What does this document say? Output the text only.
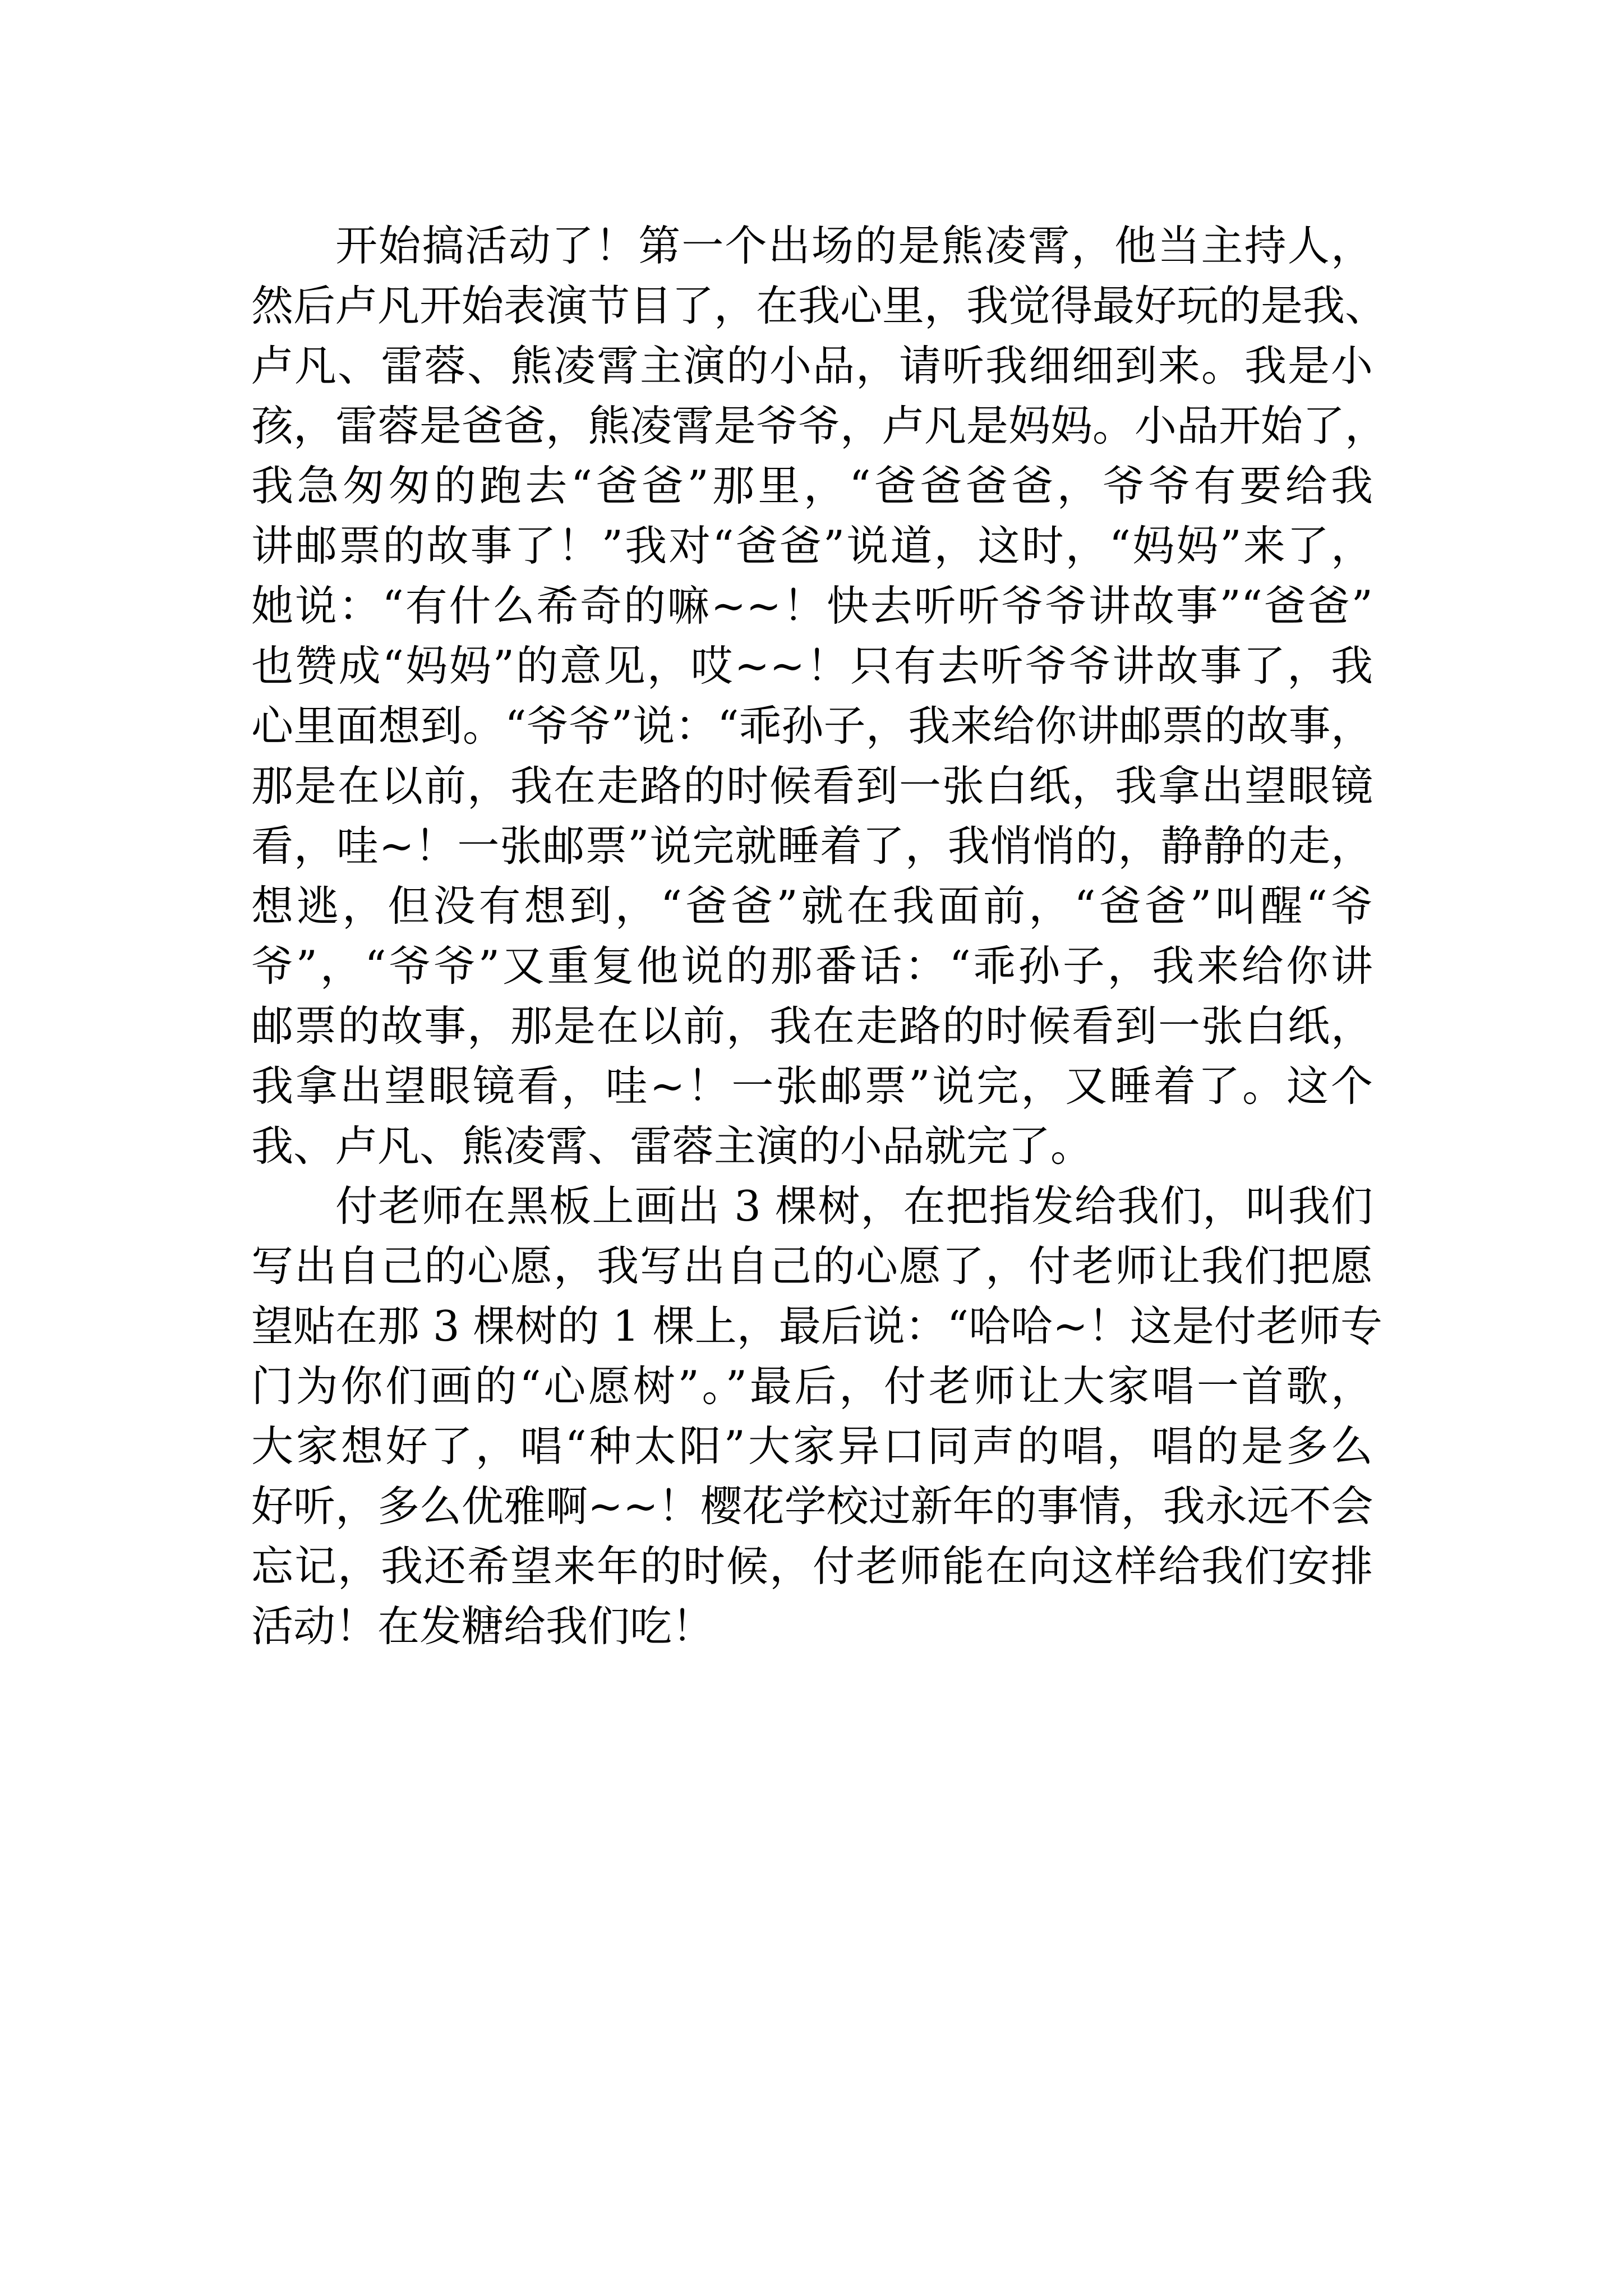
开始搞活动了！第一个出场的是熊凌霄，他当主持人，
然后卢凡开始表演节目了，在我心里，我觉得最好玩的是我、
卢凡、雷蓉、熊凌霄主演的小品，请听我细细到来。我是小
孩，雷蓉是爸爸，熊凌霄是爷爷，卢凡是妈妈。小品开始了，
我急匆匆的跑去“爸爸”那里，“爸爸爸爸，爷爷有要给我
讲邮票的故事了！”我对“爸爸”说道，这时，“妈妈”来了，
她说：“有什么希奇的嘛~~！快去听听爷爷讲故事”“爸爸”
也赞成“妈妈”的意见，哎~~！只有去听爷爷讲故事了，我
心里面想到。“爷爷”说：“乖孙子，我来给你讲邮票的故事，
那是在以前，我在走路的时候看到一张白纸，我拿出望眼镜
看，哇~！一张邮票”说完就睡着了，我悄悄的，静静的走，
想逃，但没有想到，“爸爸”就在我面前，“爸爸”叫醒“爷
爷”，“爷爷”又重复他说的那番话：“乖孙子，我来给你讲
邮票的故事，那是在以前，我在走路的时候看到一张白纸，
我拿出望眼镜看，哇~！一张邮票”说完，又睡着了。这个
我、卢凡、熊凌霄、雷蓉主演的小品就完了。
付老师在黑板上画出 3 棵树，在把指发给我们，叫我们
写出自己的心愿，我写出自己的心愿了，付老师让我们把愿
望贴在那 3 棵树的 1 棵上，最后说：“哈哈~！这是付老师专
门为你们画的“心愿树”。”最后，付老师让大家唱一首歌，
大家想好了，唱“种太阳”大家异口同声的唱，唱的是多么
好听，多么优雅啊~~！樱花学校过新年的事情，我永远不会
忘记，我还希望来年的时候，付老师能在向这样给我们安排
活动！在发糖给我们吃！
